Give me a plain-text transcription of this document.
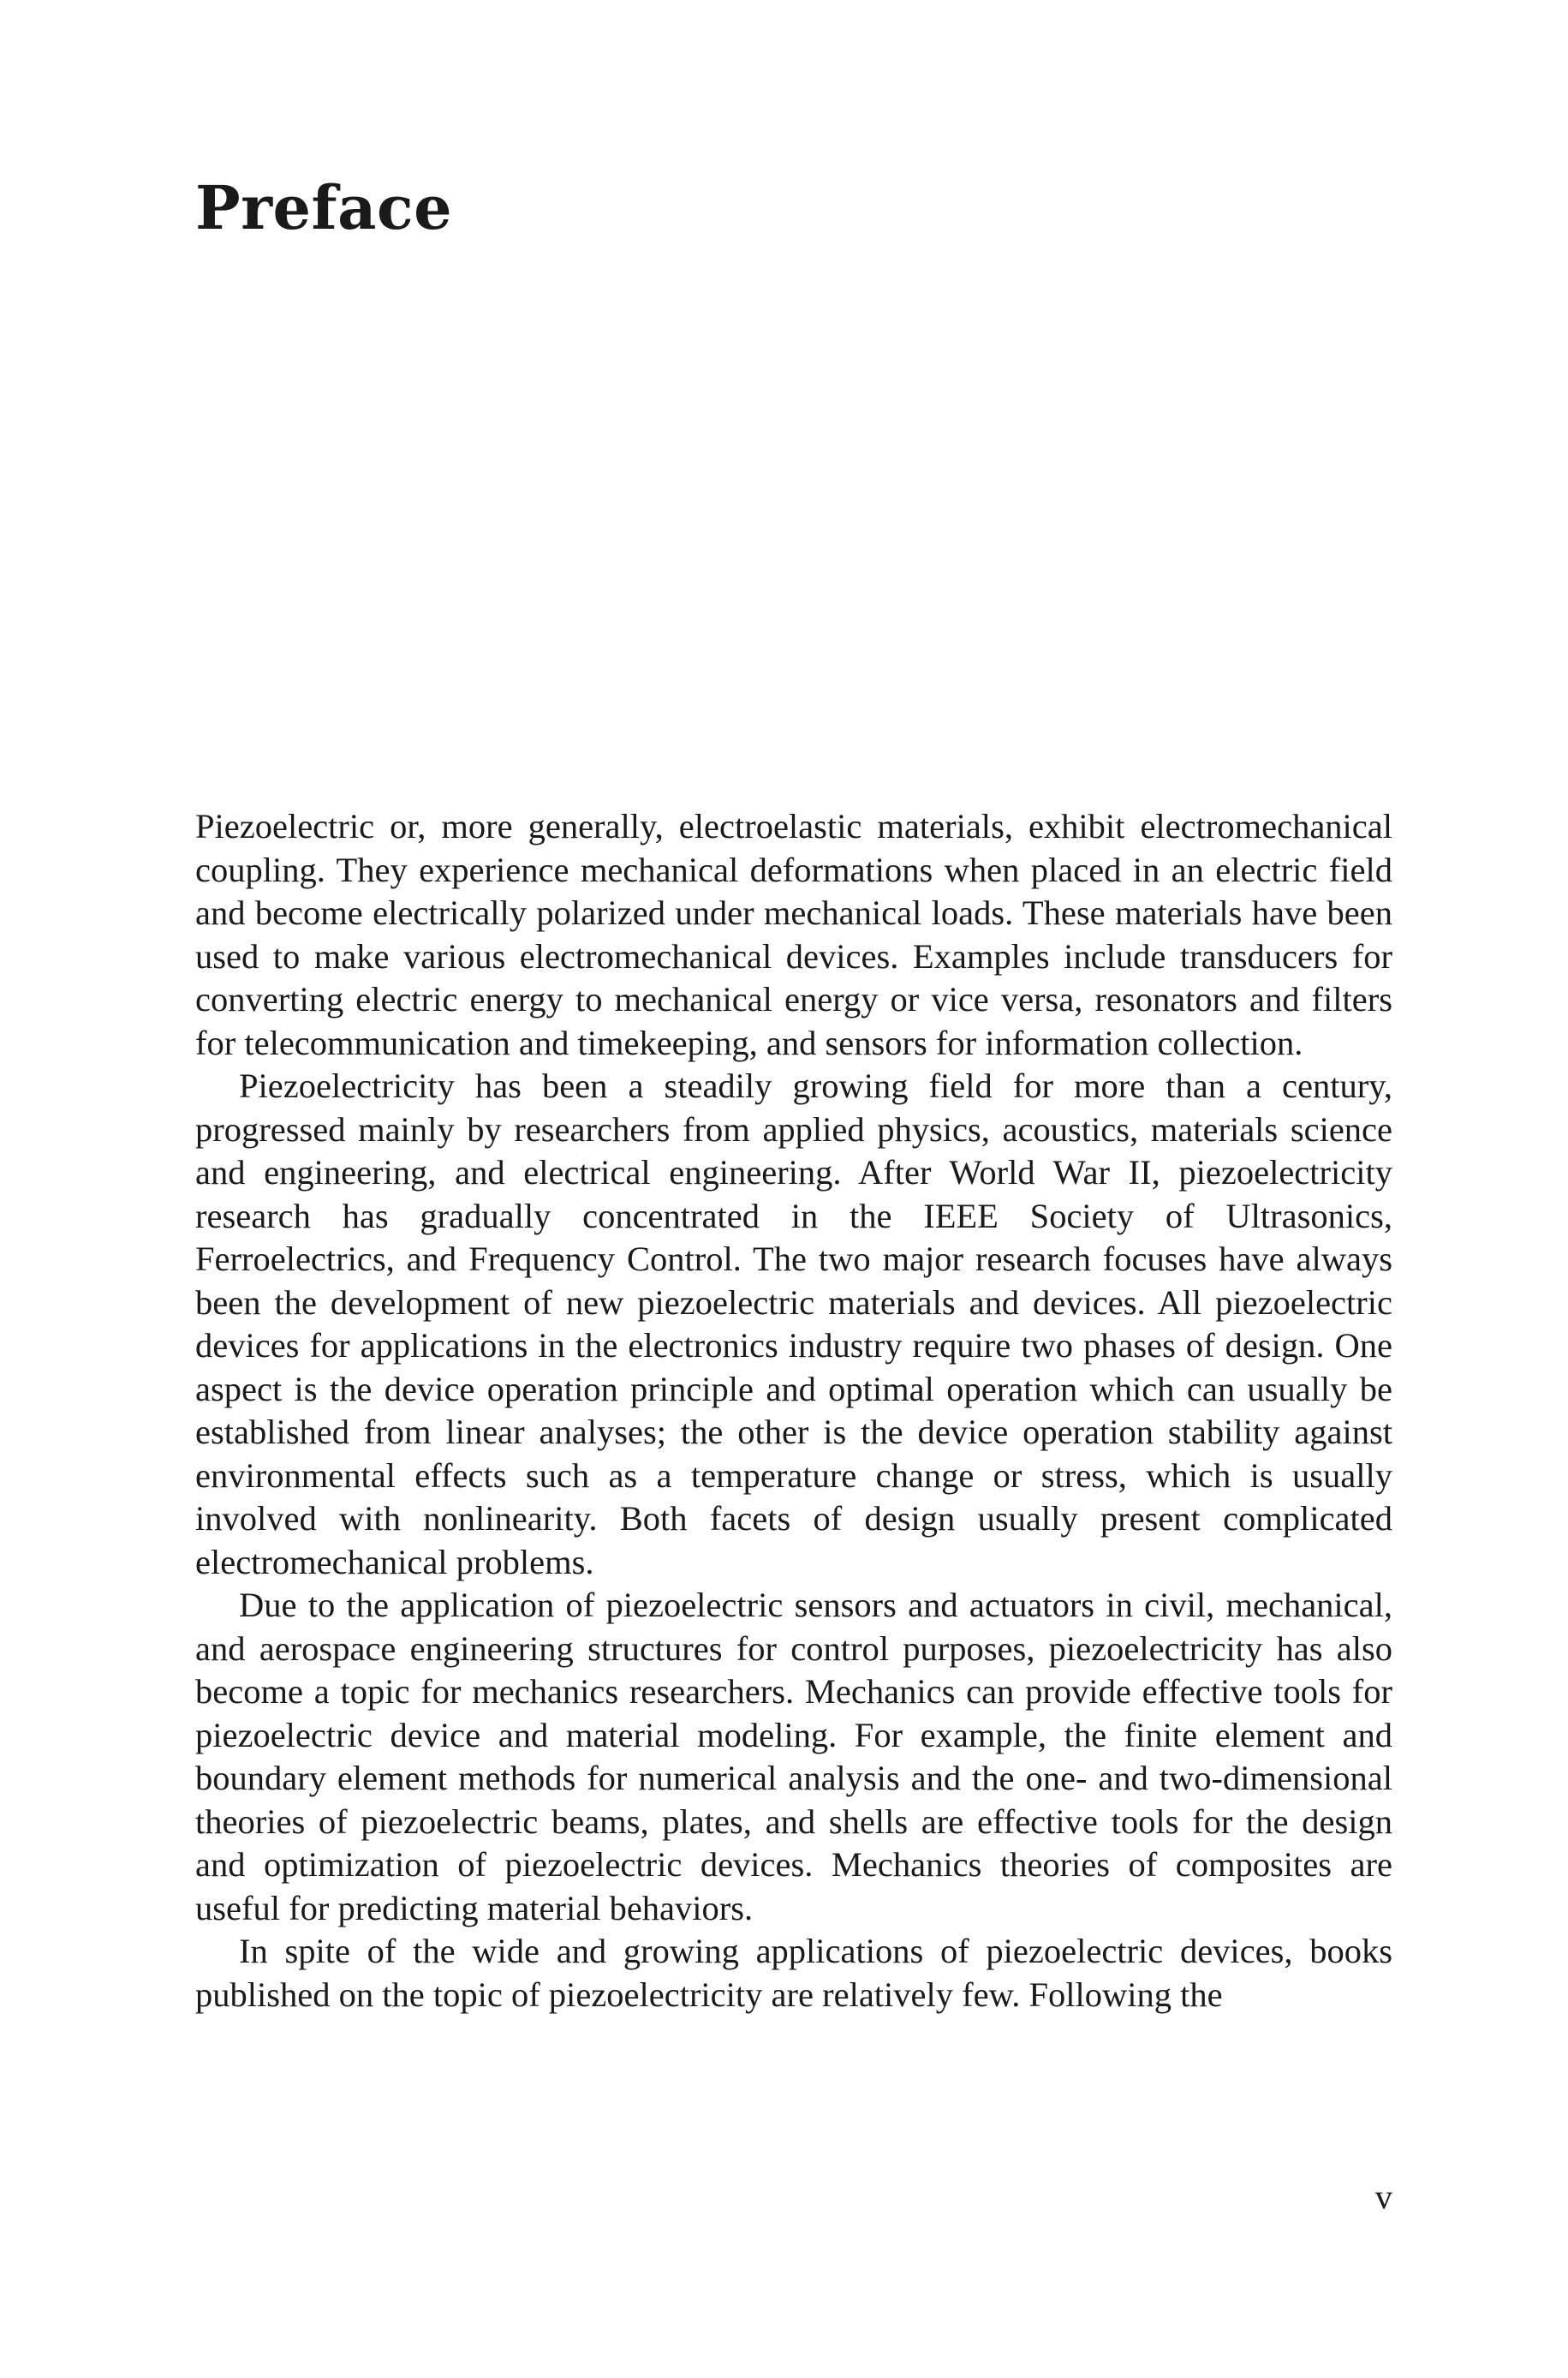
Preface

Piezoelectric or, more generally, electroelastic materials, exhibit electromechanical coupling. They experience mechanical deformations when placed in an electric field and become electrically polarized under mechanical loads. These materials have been used to make various electromechanical devices. Examples include transducers for converting electric energy to mechanical energy or vice versa, resonators and filters for telecommunication and timekeeping, and sensors for information collection.

Piezoelectricity has been a steadily growing field for more than a century, progressed mainly by researchers from applied physics, acoustics, materials science and engineering, and electrical engineering. After World War II, piezoelectricity research has gradually concentrated in the IEEE Society of Ultrasonics, Ferroelectrics, and Frequency Control. The two major research focuses have always been the development of new piezoelectric materials and devices. All piezoelectric devices for applications in the electronics industry require two phases of design. One aspect is the device operation principle and optimal operation which can usually be established from linear analyses; the other is the device operation stability against environmental effects such as a temperature change or stress, which is usually involved with nonlinearity. Both facets of design usually present complicated electromechanical problems.

Due to the application of piezoelectric sensors and actuators in civil, mechanical, and aerospace engineering structures for control purposes, piezoelectricity has also become a topic for mechanics researchers. Mechanics can provide effective tools for piezoelectric device and material modeling. For example, the finite element and boundary element methods for numerical analysis and the one- and two-dimensional theories of piezoelectric beams, plates, and shells are effective tools for the design and optimization of piezoelectric devices. Mechanics theories of composites are useful for predicting material behaviors.

In spite of the wide and growing applications of piezoelectric devices, books published on the topic of piezoelectricity are relatively few. Following the

v
